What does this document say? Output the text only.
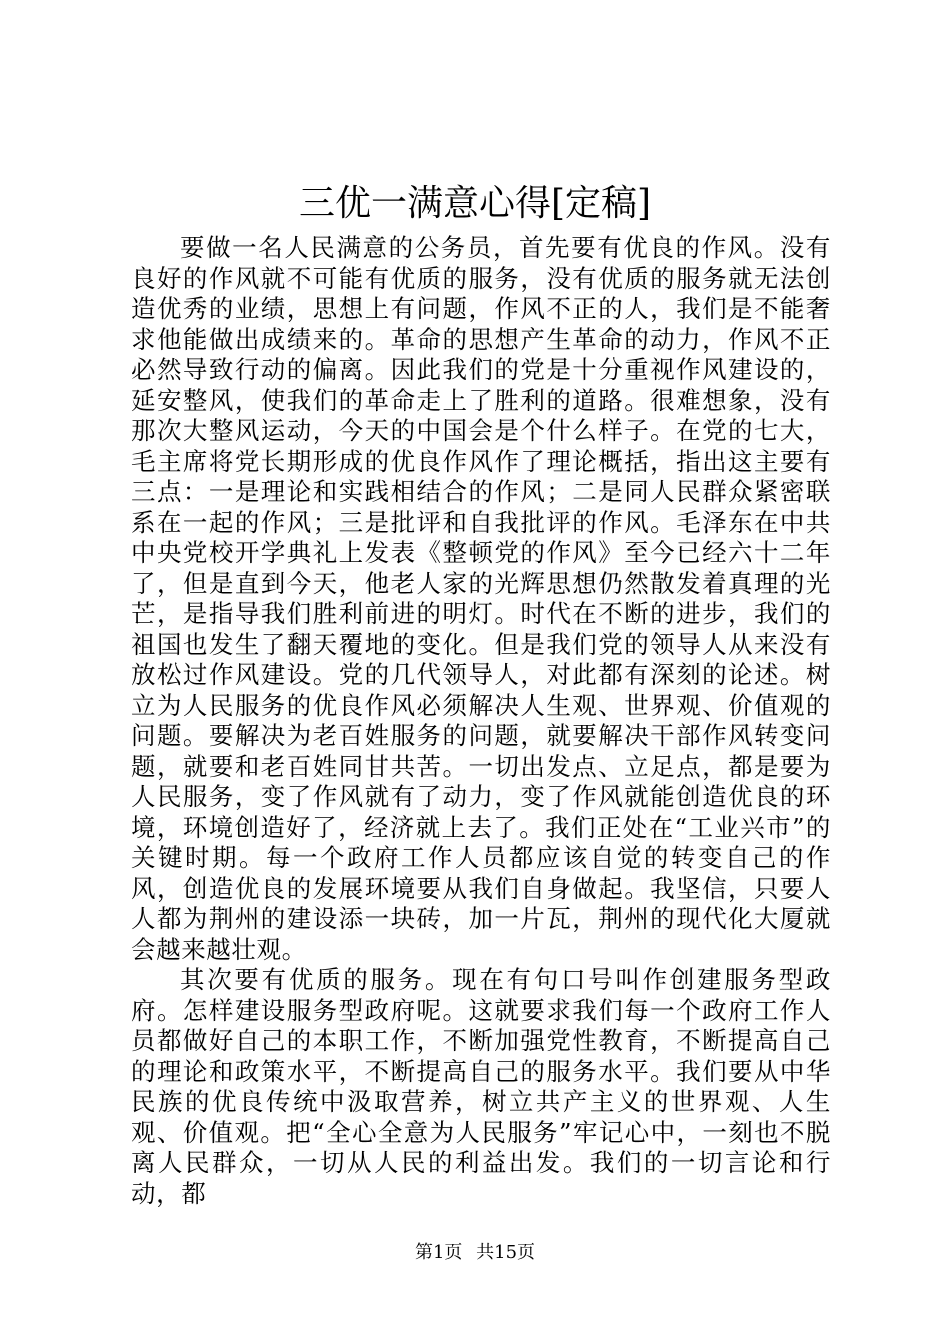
三优一满意心得[定稿]

要做一名人民满意的公务员，首先要有优良的作风。没有良好的作风就不可能有优质的服务，没有优质的服务就无法创造优秀的业绩，思想上有问题，作风不正的人，我们是不能奢求他能做出成绩来的。革命的思想产生革命的动力，作风不正必然导致行动的偏离。因此我们的党是十分重视作风建设的，延安整风，使我们的革命走上了胜利的道路。很难想象，没有那次大整风运动，今天的中国会是个什么样子。在党的七大，毛主席将党长期形成的优良作风作了理论概括，指出这主要有三点：一是理论和实践相结合的作风；二是同人民群众紧密联系在一起的作风；三是批评和自我批评的作风。毛泽东在中共中央党校开学典礼上发表《整顿党的作风》至今已经六十二年了，但是直到今天，他老人家的光辉思想仍然散发着真理的光芒，是指导我们胜利前进的明灯。时代在不断的进步，我们的祖国也发生了翻天覆地的变化。但是我们党的领导人从来没有放松过作风建设。党的几代领导人，对此都有深刻的论述。树立为人民服务的优良作风必须解决人生观、世界观、价值观的问题。要解决为老百姓服务的问题，就要解决干部作风转变问题，就要和老百姓同甘共苦。一切出发点、立足点，都是要为人民服务，变了作风就有了动力，变了作风就能创造优良的环境，环境创造好了，经济就上去了。我们正处在“工业兴市”的关键时期。每一个政府工作人员都应该自觉的转变自己的作风，创造优良的发展环境要从我们自身做起。我坚信，只要人人都为荆州的建设添一块砖，加一片瓦，荆州的现代化大厦就会越来越壮观。

其次要有优质的服务。现在有句口号叫作创建服务型政府。怎样建设服务型政府呢。这就要求我们每一个政府工作人员都做好自己的本职工作，不断加强党性教育，不断提高自己的理论和政策水平，不断提高自己的服务水平。我们要从中华民族的优良传统中汲取营养，树立共产主义的世界观、人生观、价值观。把“全心全意为人民服务”牢记心中，一刻也不脱离人民群众，一切从人民的利益出发。我们的一切言论和行动，都

第1页 共15页
